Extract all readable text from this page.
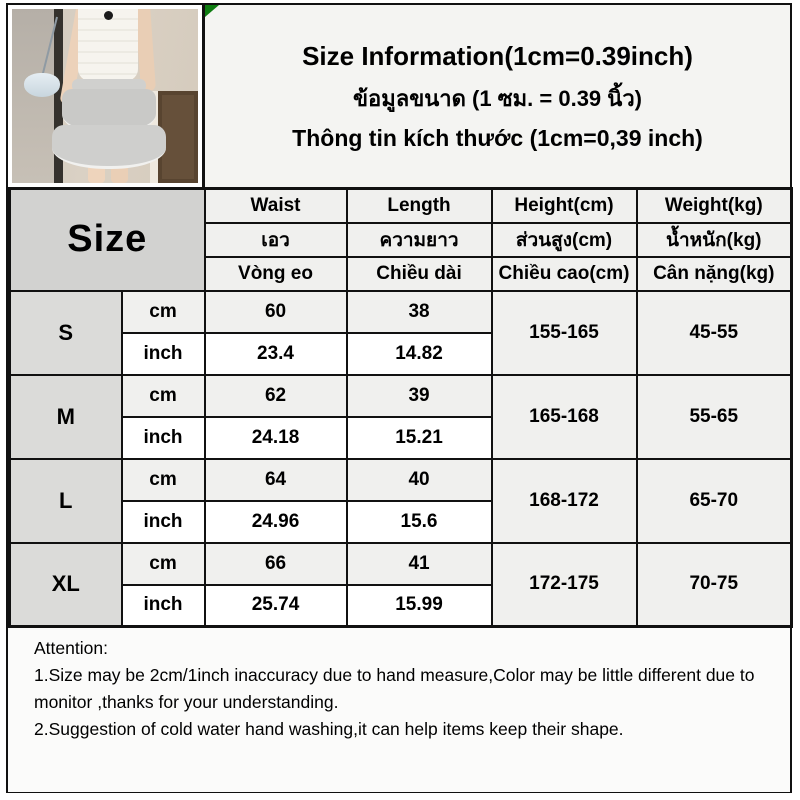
Size Information(1cm=0.39inch)
ข้อมูลขนาด (1 ซม. = 0.39 นิ้ว)
Thông tin kích thước (1cm=0,39 inch)
Size		Waist	Length	Height(cm)	Weight(kg)
		เอว	ความยาว	ส่วนสูง(cm)	น้ำหนัก(kg)
		Vòng eo	Chiều dài	Chiều cao(cm)	Cân nặng(kg)
S	cm	60	38	155-165	45-55
	inch	23.4	14.82		
M	cm	62	39	165-168	55-65
	inch	24.18	15.21		
L	cm	64	40	168-172	65-70
	inch	24.96	15.6		
XL	cm	66	41	172-175	70-75
	inch	25.74	15.99		
Attention:
1.Size may be 2cm/1inch inaccuracy due to hand measure,Color may be little different due to monitor ,thanks for your understanding.
2.Suggestion of cold water hand washing,it can help items keep their shape.
